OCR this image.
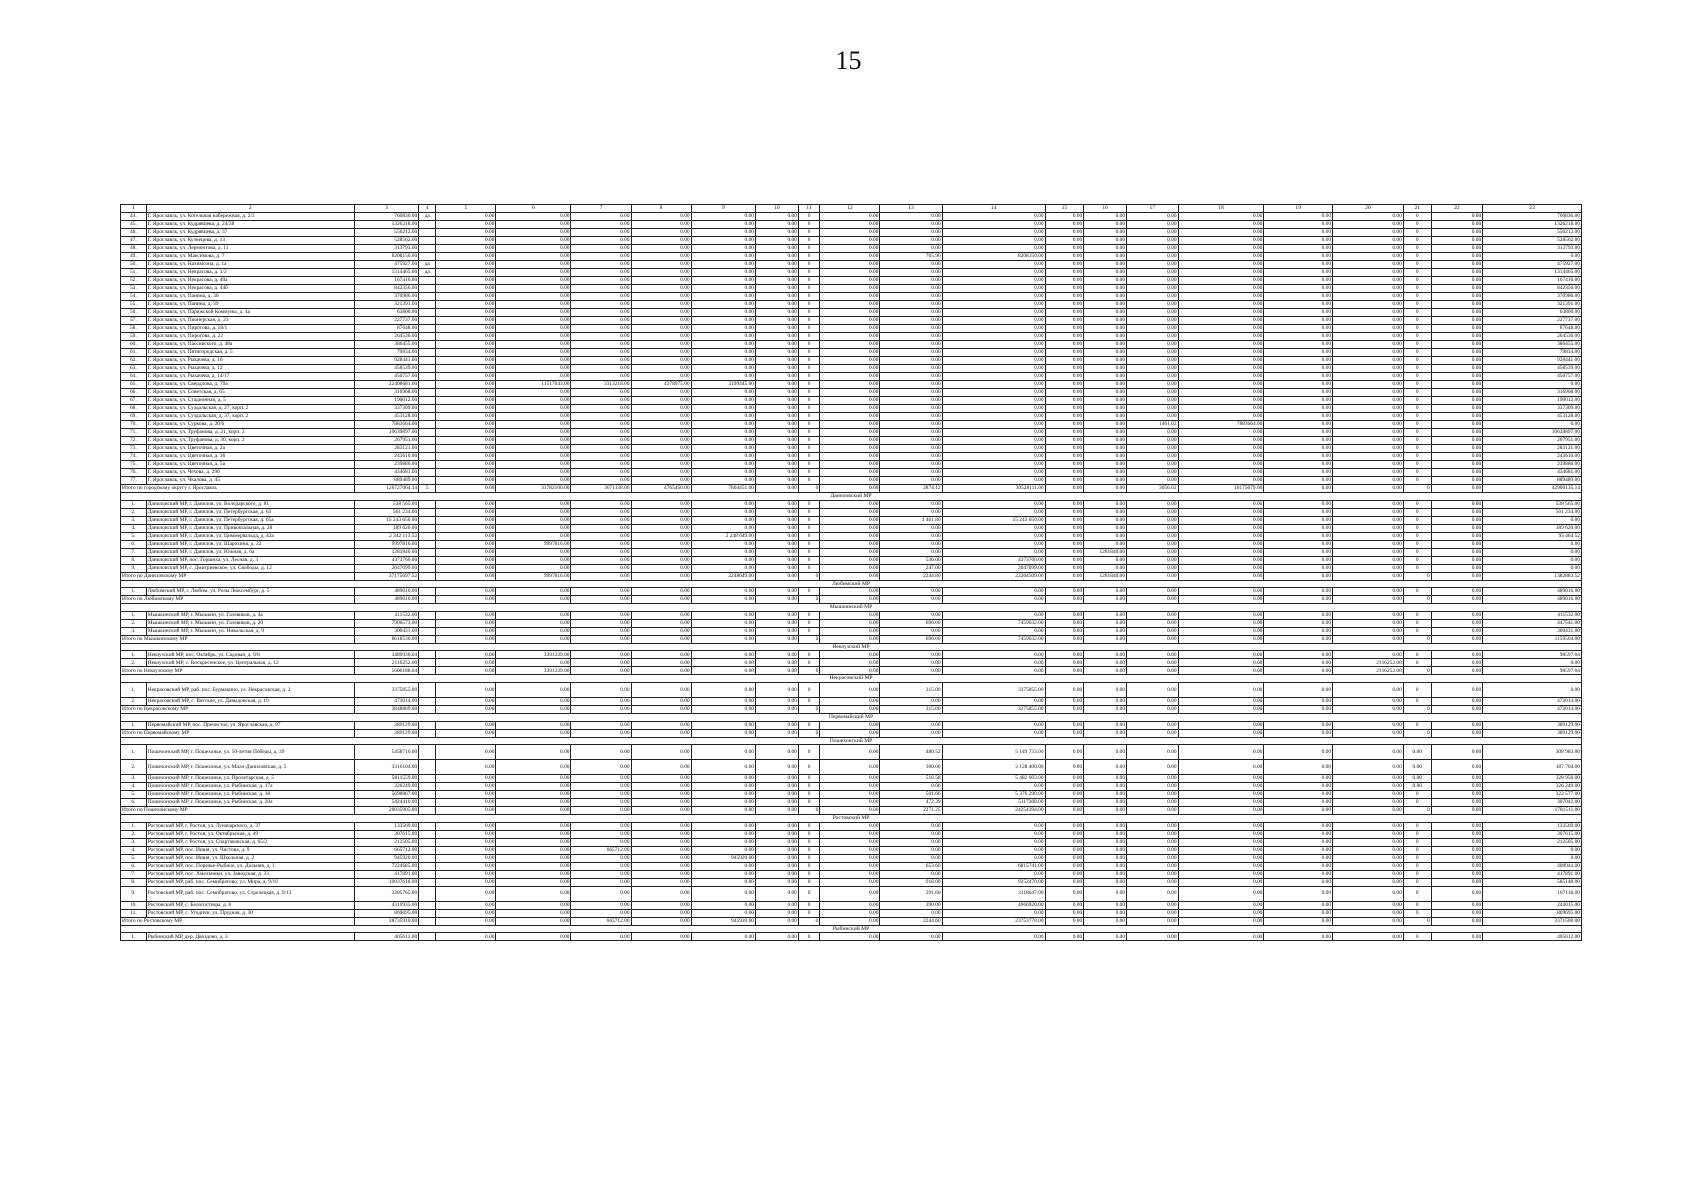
15
1	2	3	4	5	6	7	8	9	10	11	12	13	14	15	16	17	18	19	20	21	22	23
44.	Г. Ярославль, ул. Котельная набережная, д. 2/3	760836.00	да	0.00	0.00	0.00	0.00	0.00	0.00	0	0.00	0.00	0.00	0.00	0.00	0.00	0.00	0.00	0.00	0	0.00	760836.00
45.	Г. Ярославль, ул. Кудрявцева, д. 24/38	1326218.00		0.00	0.00	0.00	0.00	0.00	0.00	0	0.00	0.00	0.00	0.00	0.00	0.00	0.00	0.00	0.00	0	0.00	1326218.00
46.	Г. Ярославль, ул. Кудрявцева, д. 37	556212.00		0.00	0.00	0.00	0.00	0.00	0.00	0	0.00	0.00	0.00	0.00	0.00	0.00	0.00	0.00	0.00	0	0.00	556212.00
47.	Г. Ярославль, ул. Кузнецова, д. 13	528562.00		0.00	0.00	0.00	0.00	0.00	0.00	0	0.00	0.00	0.00	0.00	0.00	0.00	0.00	0.00	0.00	0	0.00	528562.00
48.	Г. Ярославль, ул. Лермонтова, д. 11	313793.00		0.00	0.00	0.00	0.00	0.00	0.00	0	0.00	0.00	0.00	0.00	0.00	0.00	0.00	0.00	0.00	0	0.00	313793.00
49.	Г. Ярославль, ул. Максимова, д. 7	8208150.00		0.00	0.00	0.00	0.00	0.00	0.00	0	0.00	765.90	8208150.00	0.00	0.00	0.00	0.00	0.00	0.00	0	0.00	0.00
50.	Г. Ярославль, ул. Нахимсона, д. 1а	475927.00	да	0.00	0.00	0.00	0.00	0.00	0.00	0	0.00	0.00	0.00	0.00	0.00	0.00	0.00	0.00	0.00	0	0.00	475927.00
51.	Г. Ярославль, ул. Некрасова, д. 1/2	1314465.00	да	0.00	0.00	0.00	0.00	0.00	0.00	0	0.00	0.00	0.00	0.00	0.00	0.00	0.00	0.00	0.00	0	0.00	1314465.00
52.	Г. Ярославль, ул. Некрасова, д. 40а	167416.00		0.00	0.00	0.00	0.00	0.00	0.00	0	0.00	0.00	0.00	0.00	0.00	0.00	0.00	0.00	0.00	0	0.00	167416.00
53.	Г. Ярославль, ул. Некрасова, д. 44б	842356.00		0.00	0.00	0.00	0.00	0.00	0.00	0	0.00	0.00	0.00	0.00	0.00	0.00	0.00	0.00	0.00	0	0.00	842356.00
54.	Г. Ярославль, ул. Панина, д. 36	370986.00		0.00	0.00	0.00	0.00	0.00	0.00	0	0.00	0.00	0.00	0.00	0.00	0.00	0.00	0.00	0.00	0	0.00	370986.00
55.	Г. Ярославль, ул. Панина, д. 39	321391.00		0.00	0.00	0.00	0.00	0.00	0.00	0	0.00	0.00	0.00	0.00	0.00	0.00	0.00	0.00	0.00	0	0.00	321391.00
56.	Г. Ярославль, ул. Парижской Коммуны, д. 4а	63800.00		0.00	0.00	0.00	0.00	0.00	0.00	0	0.00	0.00	0.00	0.00	0.00	0.00	0.00	0.00	0.00	0	0.00	63800.00
57.	Г. Ярославль, ул. Пионерская, д. 23	227737.00		0.00	0.00	0.00	0.00	0.00	0.00	0	0.00	0.00	0.00	0.00	0.00	0.00	0.00	0.00	0.00	0	0.00	227737.00
58.	Г. Ярославль, ул. Пирогова, д. 18/1	87648.00		0.00	0.00	0.00	0.00	0.00	0.00	0	0.00	0.00	0.00	0.00	0.00	0.00	0.00	0.00	0.00	0	0.00	87648.00
59.	Г. Ярославль, ул. Пирогова, д. 22	264536.00		0.00	0.00	0.00	0.00	0.00	0.00	0	0.00	0.00	0.00	0.00	0.00	0.00	0.00	0.00	0.00	0	0.00	264536.00
60.	Г. Ярославль, ул. Пассивского, д. 48а	386455.00		0.00	0.00	0.00	0.00	0.00	0.00	0	0.00	0.00	0.00	0.00	0.00	0.00	0.00	0.00	0.00	0	0.00	386455.00
61.	Г. Ярославль, ул. Пятигородская, д. 5	79834.00		0.00	0.00	0.00	0.00	0.00	0.00	0	0.00	0.00	0.00	0.00	0.00	0.00	0.00	0.00	0.00	0	0.00	79834.00
62.	Г. Ярославль, ул. Рыкачева, д. 10	928441.00		0.00	0.00	0.00	0.00	0.00	0.00	0	0.00	0.00	0.00	0.00	0.00	0.00	0.00	0.00	0.00	0	0.00	928441.00
63.	Г. Ярославль, ул. Рыкачева, д. 12	458539.00		0.00	0.00	0.00	0.00	0.00	0.00	0	0.00	0.00	0.00	0.00	0.00	0.00	0.00	0.00	0.00	0	0.00	458539.00
64.	Г. Ярославль, ул. Рыкачева, д. 14/17	450757.00		0.00	0.00	0.00	0.00	0.00	0.00	0	0.00	0.00	0.00	0.00	0.00	0.00	0.00	0.00	0.00	0	0.00	450757.00
65.	Г. Ярославль, ул. Свердлова, д. 79а	22408681.00		0.00	11517043.00	3313218.00	4378975.00	3199445.00	0.00	0	0.00	0.00	0.00	0.00	0.00	0.00	0.00	0.00	0.00	0	0.00	0.00
66.	Г. Ярославль, ул. Советская, д. 65	316968.00		0.00	0.00	0.00	0.00	0.00	0.00	0	0.00	0.00	0.00	0.00	0.00	0.00	0.00	0.00	0.00	0	0.00	316968.00
67.	Г. Ярославль, ул. Стадионная, д. 5	190012.00		0.00	0.00	0.00	0.00	0.00	0.00	0	0.00	0.00	0.00	0.00	0.00	0.00	0.00	0.00	0.00	0	0.00	190012.00
68.	Г. Ярославль, ул. Суздальская, д. 27, корп. 2	337309.00		0.00	0.00	0.00	0.00	0.00	0.00	0	0.00	0.00	0.00	0.00	0.00	0.00	0.00	0.00	0.00	0	0.00	337309.00
69.	Г. Ярославль, ул. Суздальская, д. 37, корп. 2	453128.00		0.00	0.00	0.00	0.00	0.00	0.00	0	0.00	0.00	0.00	0.00	0.00	0.00	0.00	0.00	0.00	0	0.00	453128.00
70.	Г. Ярославль, ул. Суркова, д. 20/6	7883664.00		0.00	0.00	0.00	0.00	0.00	0.00	0	0.00	0.00	0.00	0.00	0.00	1461.02	7883664.00	0.00	0.00	0	0.00	0.00
71.	Г. Ярославль, ул. Труфанова, д. 21, корп. 2	10639897.00		0.00	0.00	0.00	0.00	0.00	0.00	0	0.00	0.00	0.00	0.00	0.00	0.00	0.00	0.00	0.00	0	0.00	10639897.00
72.	Г. Ярославль, ул. Труфанова, д. 30, корп. 2	267951.00		0.00	0.00	0.00	0.00	0.00	0.00	0	0.00	0.00	0.00	0.00	0.00	0.00	0.00	0.00	0.00	0	0.00	267951.00
73.	Г. Ярославль, ул. Цветочная, д. 2а	283121.00		0.00	0.00	0.00	0.00	0.00	0.00	0	0.00	0.00	0.00	0.00	0.00	0.00	0.00	0.00	0.00	0	0.00	283121.00
74.	Г. Ярославль, ул. Цветочная, д. 36	243610.00		0.00	0.00	0.00	0.00	0.00	0.00	0	0.00	0.00	0.00	0.00	0.00	0.00	0.00	0.00	0.00	0	0.00	243610.00
75.	Г. Ярославль, ул. Цветочная, д. 5а	239886.00		0.00	0.00	0.00	0.00	0.00	0.00	0	0.00	0.00	0.00	0.00	0.00	0.00	0.00	0.00	0.00	0	0.00	239886.00
76.	Г. Ярославль, ул. Чехова, д. 29б	434681.00		0.00	0.00	0.00	0.00	0.00	0.00	0	0.00	0.00	0.00	0.00	0.00	0.00	0.00	0.00	0.00	0	0.00	434681.00
77.	Г. Ярославль, ул. Чкалова, д. 45	889489.00		0.00	0.00	0.00	0.00	0.00	0.00	0	0.00	0.00	0.00	0.00	0.00	0.00	0.00	0.00	0.00	0	0.00	889489.00
Итого по городскому округу г. Ярославль		126727064.14	5	0.00	31782100.00	3671138.00	4765450.00	7804451.00	0.00	0	0.00	2874.12	30528111.00	0.00	0.00	3056.02	10175679.00	0.00	0.00	0	0.00	42900135.14
Даниловский МР																						
1.	Даниловский МР, г. Данилов, ул. Володарского, д. 81	538 565.00		0.00	0.00	0.00	0.00	0.00	0.00	0	0.00	0.00	0.00	0.00	0.00	0.00	0.00	0.00	0.00	0	0.00	538 565.00
2.	Даниловский МР, г. Данилов, ул. Петербургская, д. 63	561 234.00		0.00	0.00	0.00	0.00	0.00	0.00	0	0.00	0.00	0.00	0.00	0.00	0.00	0.00	0.00	0.00	0	0.00	561 234.00
3.	Даниловский МР, г. Данилов, ул. Петербургская, д. 65а	15 243 650.00		0.00	0.00	0.00	0.00	0.00	0.00	0	0.00	1 461.80	15 243 650.00	0.00	0.00	0.00	0.00	0.00	0.00	0	0.00	0.00
4.	Даниловский МР, г. Данилов, ул. Привокзальная, д. 28	189 620.00		0.00	0.00	0.00	0.00	0.00	0.00	0	0.00	0.00	0.00	0.00	0.00	0.00	0.00	0.00	0.00	0	0.00	189 620.00
5.	Даниловский МР, г. Данилов, ул. Циммервальда, д. 42а	2 342 113.52		0.00	0.00	0.00	0.00	2 248 649.00	0.00	0	0.00	0.00	0.00	0.00	0.00	0.00	0.00	0.00	0.00	0	0.00	93 464.52
6.	Даниловский МР, г. Данилов, ул. Шарохина, д. 22	9997816.00		0.00	9997816.00	0.00	0.00	0.00	0.00	0	0.00	0.00	0.00	0.00	0.00	0.00	0.00	0.00	0.00	0	0.00	0.00
7.	Даниловский МР, г. Данилов, ул. Южная, д. 6а	1281840.00		0.00	0.00	0.00	0.00	0.00	0.00	0	0.00	0.00	0.00	0.00	1281840.00	0.00	0.00	0.00	0.00	0	0.00	0.00
8.	Даниловский МР, пос. Горшиха, ул. Лесная, д. 3	4373760.00		0.00	0.00	0.00	0.00	0.00	0.00	0	0.00	536.00	4373760.00	0.00	0.00	0.00	0.00	0.00	0.00	0	0.00	0.00
9.	Даниловский МР, с. Дмитриевское, ул. Свободы, д. 12	2647099.00		0.00	0.00	0.00	0.00	0.00	0.00	0	0.00	247.00	2647099.00	0.00	0.00	0.00	0.00	0.00	0.00	0	0.00	0.00
Итого по Даниловскому МР		37175697.52		0.00	9997816.00	0.00	0.00	2248649.00	0.00	0	0.00	2244.80	22264509.00	0.00	1281840.00	0.00	0.00	0.00	0.00	0	0.00	1382883.52
Любимский МР																						
1.	Любимский МР, г. Любим, ул. Розы Люксембург, д. 5	489016.00		0.00	0.00	0.00	0.00	0.00	0.00	0	0.00	0.00	0.00	0.00	0.00	0.00	0.00	0.00	0.00	0	0.00	489016.00
Итого по Любимскому МР		489016.00		0.00	0.00	0.00	0.00	0.00	0.00	0	0.00	0.00	0.00	0.00	0.00	0.00	0.00	0.00	0.00	0	0.00	489016.00
Мышкинский МР																						
1.	Мышкинский МР, г. Мышкин, ул. Газовиков, д. 4а	411532.00		0.00	0.00	0.00	0.00	0.00	0.00	0	0.00	0.00	0.00	0.00	0.00	0.00	0.00	0.00	0.00	0	0.00	411532.00
2.	Мышкинский МР, г. Мышкин, ул. Газовиков, д. 20	7906573.00		0.00	0.00	0.00	0.00	0.00	0.00	0	0.00	696.00	7459032.00	0.00	0.00	0.00	0.00	0.00	0.00	0	0.00	447541.00
3.	Мышкинский МР, г. Мышкин, ул. Никольская, д. 9	300431.00		0.00	0.00	0.00	0.00	0.00	0.00	0	0.00	0.00	0.00	0.00	0.00	0.00	0.00	0.00	0.00	0	0.00	300431.00
Итого по Мышкинскому МР		8618536.00		0.00	0.00	0.00	0.00	0.00	0.00	0	0.00	696.00	7459032.00	0.00	0.00	0.00	0.00	0.00	0.00	0	0.00	1159504.00
Некоузский МР																						
1.	Некоузский МР, пос. Октябрь, ул. Садовая, д. 9/8	3489936.04		0.00	3391339.00	0.00	0.00	0.00	0.00	0	0.00	0.00	0.00	0.00	0.00	0.00	0.00	0.00	0.00	0	0.00	98597.04
2.	Некоузский МР, с. Воскресенское, ул. Центральная, д. 12	2116252.00		0.00	0.00	0.00	0.00	0.00	0.00	0	0.00	0.00	0.00	0.00	0.00	0.00	0.00	0.00	2116252.00	0	0.00	0.00
Итого по Некоузскому МР		5606188.04		0.00	3391339.00	0.00	0.00	0.00	0.00	0	0.00	0.00	0.00	0.00	0.00	0.00	0.00	0.00	2116252.00	0	0.00	98597.04
Некрасовский МР																						
1.	Некрасовский МР, раб. пос. Бурмакино, ул. Некрасовская, д. 2	3375855.00		0.00	0.00	0.00	0.00	0.00	0.00	0	0.00	315.00	3375855.00	0.00	0.00	0.00	0.00	0.00	0.00	0	0.00	0.00
2.	Некрасовский МР, с. Вятское, ул. Давыдовская, д. 19	473014.00		0.00	0.00	0.00	0.00	0.00	0.00	0	0.00	0.00	0.00	0.00	0.00	0.00	0.00	0.00	0.00	0	0.00	473014.00
Итого по Некрасовскому МР		3848869.00		0.00	0.00	0.00	0.00	0.00	0.00	0	0.00	315.00	3375855.00	0.00	0.00	0.00	0.00	0.00	0.00	0	0.00	473014.00
Первомайский МР																						
1.	Первомайский МР, пос. Пречистое, ул. Ярославская, д. 97	389129.00		0.00	0.00	0.00	0.00	0.00	0.00	0	0.00	0.00	0.00	0.00	0.00	0.00	0.00	0.00	0.00	0	0.00	389129.00
Итого по Первомайскому МР		389129.00		0.00	0.00	0.00	0.00	0.00	0.00	0	0.00	0.00	0.00	0.00	0.00	0.00	0.00	0.00	0.00	0	0.00	389129.00
Пошехонский МР																						
1.	Пошехонский МР, г. Пошехонье, ул. 50-летия Победы, д. 39	5458716.00		0.00	0.00	0.00	0.00	0.00	0.00	0	0.00	480.52	5 149 733.00	0.00	0.00	0.00	0.00	0.00	0.00	0.00	0.00	308 983.00
2.	Пошехонский МР, г. Пошехонье, ул. Мало-Даниловская, д. 5	3316104.00		0.00	0.00	0.00	0.00	0.00	0.00	0	0.00	300.00	3 128 400.00	0.00	0.00	0.00	0.00	0.00	0.00	0.00	0.00	187 704.00
3.	Пошехонский МР, г. Пошехонье, ул. Пролетарская, д. 5	5811559.00		0.00	0.00	0.00	0.00	0.00	0.00	0	0.00	518.58	5 482 603.00	0.00	0.00	0.00	0.00	0.00	0.00	0.00	0.00	328 956.00
4.	Пошехонский МР, г. Пошехонье, ул. Рыбинская, д. 17а	326249.00		0.00	0.00	0.00	0.00	0.00	0.00	0	0.00	0.00	0.00	0.00	0.00	0.00	0.00	0.00	0.00	0.00	0.00	326 249.00
5.	Пошехонский МР, г. Пошехонье, ул. Рыбинская, д. 18	5698867.00		0.00	0.00	0.00	0.00	0.00	0.00	0	0.00	501.66	5 376 290.00	0.00	0.00	0.00	0.00	0.00	0.00	0	0.00	322 577.00
6.	Пошехонский МР, г. Пошехонье, ул. Рыбинская, д. 20а	5424410.00		0.00	0.00	0.00	0.00	0.00	0.00	0	0.00	472.39	5117368.00	0.00	0.00	0.00	0.00	0.00	0.00	0	0.00	307042.00
Итого по Пошехонскому МР		26035905.00		0.00	0.00	0.00	0.00	0.00	0.00	0	0.00	2271.25	24254394.00	0.00	0.00	0.00	0.00	0.00	0.00	0	0.00	1781511.00
Ростовский МР																						
1.	Ростовский МР, г. Ростов, ул. Луначарского, д. 37	133569.00		0.00	0.00	0.00	0.00	0.00	0.00	0	0.00	0.00	0.00	0.00	0.00	0.00	0.00	0.00	0.00	0	0.00	133569.00
2.	Ростовский МР, г. Ростов, ул. Октябрьская, д. 49	307615.00		0.00	0.00	0.00	0.00	0.00	0.00	0	0.00	0.00	0.00	0.00	0.00	0.00	0.00	0.00	0.00	0	0.00	307615.00
3.	Ростовский МР, г. Ростов, ул. Спартаковская, д. 65/2	212505.00		0.00	0.00	0.00	0.00	0.00	0.00	0	0.00	0.00	0.00	0.00	0.00	0.00	0.00	0.00	0.00	0	0.00	212505.00
4.	Ростовский МР, пос. Ишня, ул. Чистова, д. 9	665712.00		0.00	0.00	665712.00	0.00	0.00	0.00	0	0.00	0.00	0.00	0.00	0.00	0.00	0.00	0.00	0.00	0	0.00	0.00
5.	Ростовский МР, пос. Ишня, ул. Школьная, д. 2	945920.00		0.00	0.00	0.00	0.00	945920.00	0.00	0	0.00	0.00	0.00	0.00	0.00	0.00	0.00	0.00	0.00	0	0.00	0.00
6.	Ростовский МР, пос. Поречье-Рыбное, ул. Дальняя, д. 1	7224685.00		0.00	0.00	0.00	0.00	0.00	0.00	0	0.00	653.60	6815741.00	0.00	0.00	0.00	0.00	0.00	0.00	0	0.00	408944.00
7.	Ростовский МР, пос. Хмельники, ул. Заводская, д. 33	417891.00		0.00	0.00	0.00	0.00	0.00	0.00	0	0.00	0.00	0.00	0.00	0.00	0.00	0.00	0.00	0.00	0	0.00	417891.00
8.	Ростовский МР, раб. пос. Семибратово, ул. Мира, д. 9/10	10037618.00		0.00	0.00	0.00	0.00	0.00	0.00	0	0.00	918.00	9252470.00	0.00	0.00	0.00	0.00	0.00	0.00	0	0.00	585148.00
9.	Ростовский МР, раб. пос. Семибратово, ул. Стрелецкая, д. 9/13	3305765.00		0.00	0.00	0.00	0.00	0.00	0.00	0	0.00	291.60	3118647.00	0.00	0.00	0.00	0.00	0.00	0.00	0	0.00	187118.00
10.	Ростовский МР, с. Белогостицы, д. 8	4310935.00		0.00	0.00	0.00	0.00	0.00	0.00	0	0.00	390.00	4066920.00	0.00	0.00	0.00	0.00	0.00	0.00	0	0.00	244015.00
11.	Ростовский МР, с. Угодичи, ул. Прудная, д. 30	869695.00		0.00	0.00	0.00	0.00	0.00	0.00	0	0.00	0.00	0.00	0.00	0.00	0.00	0.00	0.00	0.00	0	0.00	869695.00
Итого по Ростовскому МР		28735910.00		0.00	0.00	665712.00	0.00	945920.00	0.00	0	0.00	2244.60	23753778.00	0.00	0.00	0.00	0.00	0.00	0.00	0	0.00	3371500.00
Рыбинский МР																						
1.	Рыбинский МР, дер. Двоздово, д. 3	405612.00		0.00	0.00	0.00	0.00	0.00	0.00	0	0.00	0.00	0.00	0.00	0.00	0.00	0.00	0.00	0.00	0	0.00	405612.00
